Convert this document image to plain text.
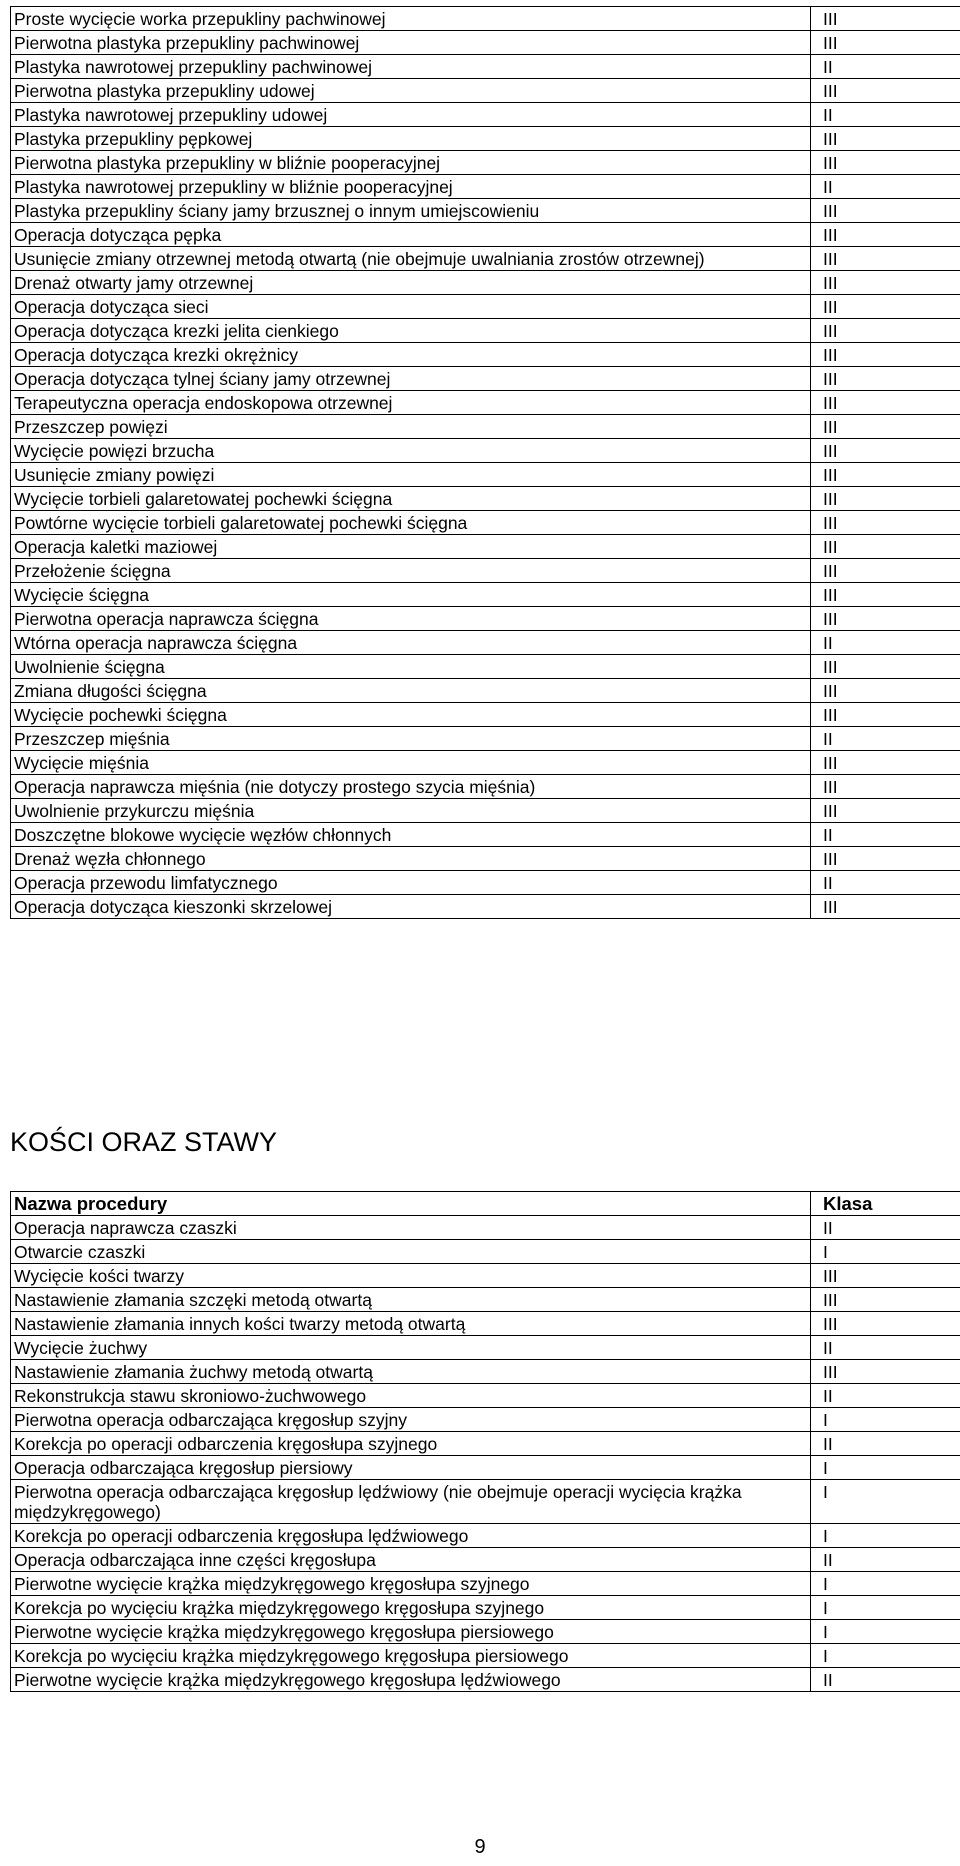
Proste wycięcie worka przepukliny pachwinowej	III
Pierwotna plastyka przepukliny pachwinowej	III
Plastyka nawrotowej przepukliny pachwinowej	II
Pierwotna plastyka przepukliny udowej	III
Plastyka nawrotowej przepukliny udowej	II
Plastyka przepukliny pępkowej	III
Pierwotna plastyka przepukliny w bliźnie pooperacyjnej	III
Plastyka nawrotowej przepukliny w bliźnie pooperacyjnej	II
Plastyka przepukliny ściany jamy brzusznej o innym umiejscowieniu	III
Operacja dotycząca pępka	III
Usunięcie zmiany otrzewnej metodą otwartą (nie obejmuje uwalniania zrostów otrzewnej)	III
Drenaż otwarty jamy otrzewnej	III
Operacja dotycząca sieci	III
Operacja dotycząca krezki jelita cienkiego	III
Operacja dotycząca krezki okrężnicy	III
Operacja dotycząca tylnej ściany jamy otrzewnej	III
Terapeutyczna operacja endoskopowa otrzewnej	III
Przeszczep powięzi	III
Wycięcie powięzi brzucha	III
Usunięcie zmiany powięzi	III
Wycięcie torbieli galaretowatej pochewki ścięgna	III
Powtórne wycięcie torbieli galaretowatej pochewki ścięgna	III
Operacja kaletki maziowej	III
Przełożenie ścięgna	III
Wycięcie ścięgna	III
Pierwotna operacja naprawcza ścięgna	III
Wtórna operacja naprawcza ścięgna	II
Uwolnienie ścięgna	III
Zmiana długości ścięgna	III
Wycięcie pochewki ścięgna	III
Przeszczep mięśnia	II
Wycięcie mięśnia	III
Operacja naprawcza mięśnia (nie dotyczy prostego szycia mięśnia)	III
Uwolnienie przykurczu mięśnia	III
Doszczętne blokowe wycięcie węzłów chłonnych	II
Drenaż węzła chłonnego	III
Operacja przewodu limfatycznego	II
Operacja dotycząca kieszonki skrzelowej	III
KOŚCI ORAZ STAWY
Nazwa procedury	Klasa
Operacja naprawcza czaszki	II
Otwarcie czaszki	I
Wycięcie kości twarzy	III
Nastawienie złamania szczęki metodą otwartą	III
Nastawienie złamania innych kości twarzy metodą otwartą	III
Wycięcie żuchwy	II
Nastawienie złamania żuchwy metodą otwartą	III
Rekonstrukcja stawu skroniowo-żuchwowego	II
Pierwotna operacja odbarczająca kręgosłup szyjny	I
Korekcja po operacji odbarczenia kręgosłupa szyjnego	II
Operacja odbarczająca kręgosłup piersiowy	I
Pierwotna operacja odbarczająca kręgosłup lędźwiowy (nie obejmuje operacji wycięcia krążka międzykręgowego)	I
Korekcja po operacji odbarczenia kręgosłupa lędźwiowego	I
Operacja odbarczająca inne części kręgosłupa	II
Pierwotne wycięcie krążka międzykręgowego kręgosłupa szyjnego	I
Korekcja po wycięciu krążka międzykręgowego kręgosłupa szyjnego	I
Pierwotne wycięcie krążka międzykręgowego kręgosłupa piersiowego	I
Korekcja po wycięciu krążka międzykręgowego kręgosłupa piersiowego	I
Pierwotne wycięcie krążka międzykręgowego kręgosłupa lędźwiowego	II
9
